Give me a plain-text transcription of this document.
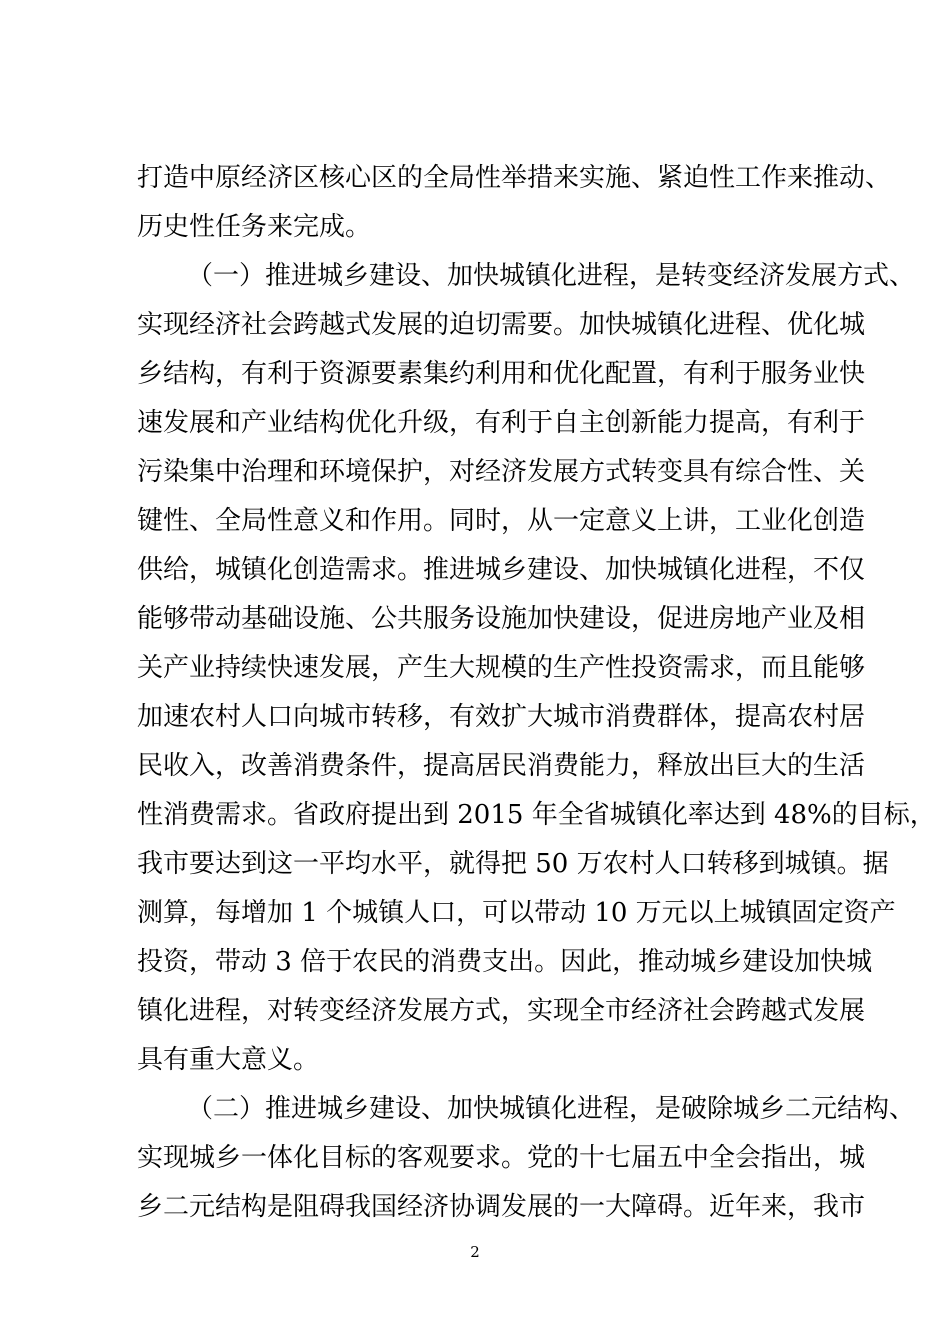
打造中原经济区核心区的全局性举措来实施、紧迫性工作来推动、

历史性任务来完成。

（一）推进城乡建设、加快城镇化进程，是转变经济发展方式、

实现经济社会跨越式发展的迫切需要。加快城镇化进程、优化城

乡结构，有利于资源要素集约利用和优化配置，有利于服务业快

速发展和产业结构优化升级，有利于自主创新能力提高，有利于

污染集中治理和环境保护，对经济发展方式转变具有综合性、关

键性、全局性意义和作用。同时，从一定意义上讲，工业化创造

供给，城镇化创造需求。推进城乡建设、加快城镇化进程，不仅

能够带动基础设施、公共服务设施加快建设，促进房地产业及相

关产业持续快速发展，产生大规模的生产性投资需求，而且能够

加速农村人口向城市转移，有效扩大城市消费群体，提高农村居

民收入，改善消费条件，提高居民消费能力，释放出巨大的生活

性消费需求。省政府提出到 2015 年全省城镇化率达到 48%的目标，

我市要达到这一平均水平，就得把 50 万农村人口转移到城镇。据

测算，每增加 1 个城镇人口，可以带动 10 万元以上城镇固定资产

投资，带动 3 倍于农民的消费支出。因此，推动城乡建设加快城

镇化进程，对转变经济发展方式，实现全市经济社会跨越式发展

具有重大意义。

（二）推进城乡建设、加快城镇化进程，是破除城乡二元结构、

实现城乡一体化目标的客观要求。党的十七届五中全会指出，城

乡二元结构是阻碍我国经济协调发展的一大障碍。近年来，我市

2
